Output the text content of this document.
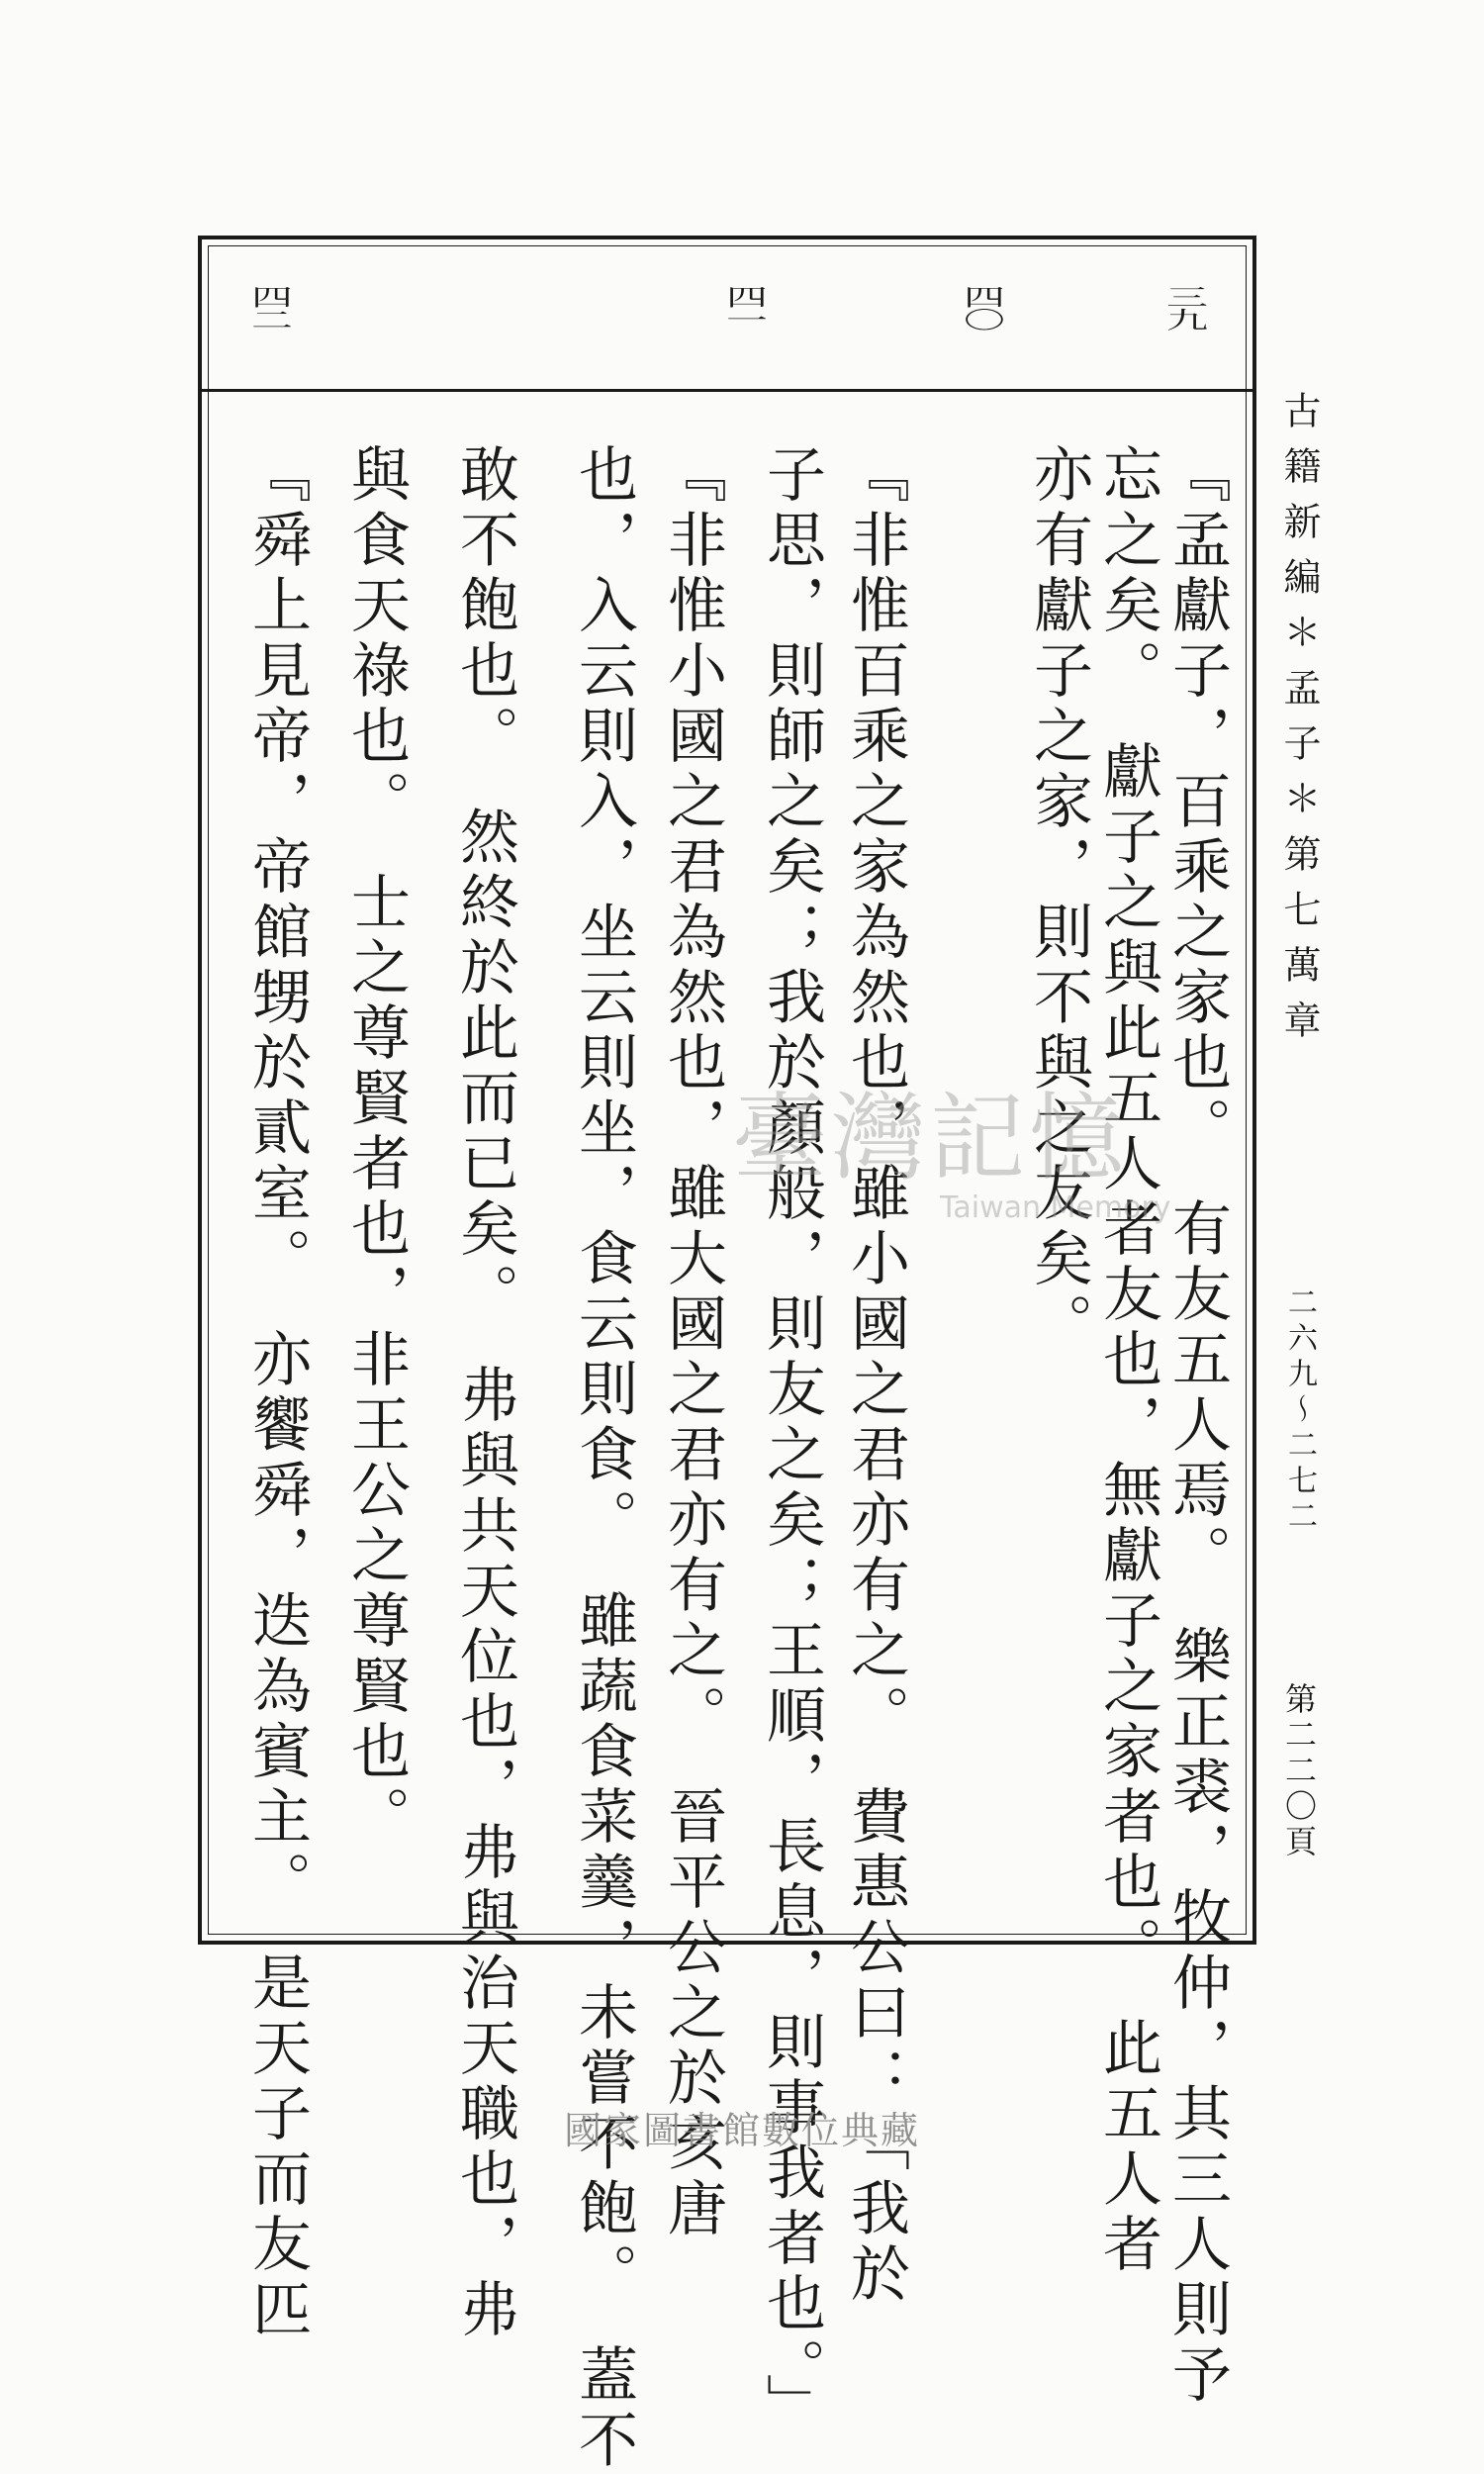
三九
四〇
四一
四二
『孟獻子，百乘之家也。　有友五人焉。　樂正裘，牧仲，其三人則予
忘之矣。　獻子之與此五人者友也，無獻子之家者也。　此五人者
亦有獻子之家，則不與之友矣。
『非惟百乘之家為然也，雖小國之君亦有之。　費惠公曰：「我於
子思，則師之矣；我於顏般，則友之矣；王順，長息，則事我者也。」
『非惟小國之君為然也，雖大國之君亦有之。　晉平公之於亥唐
也，入云則入，坐云則坐，食云則食。　雖蔬食菜羹，未嘗不飽。　蓋不
敢不飽也。　然終於此而已矣。　弗與共天位也，弗與治天職也，弗
與食天祿也。　士之尊賢者也，非王公之尊賢也。
『舜上見帝，帝館甥於貳室。　亦饗舜，迭為賓主。　是天子而友匹	古籍新編＊孟子＊第七萬章
二六九～二七二
第二二〇頁
臺灣記憶
Taiwan Memory
國家圖書館數位典藏
